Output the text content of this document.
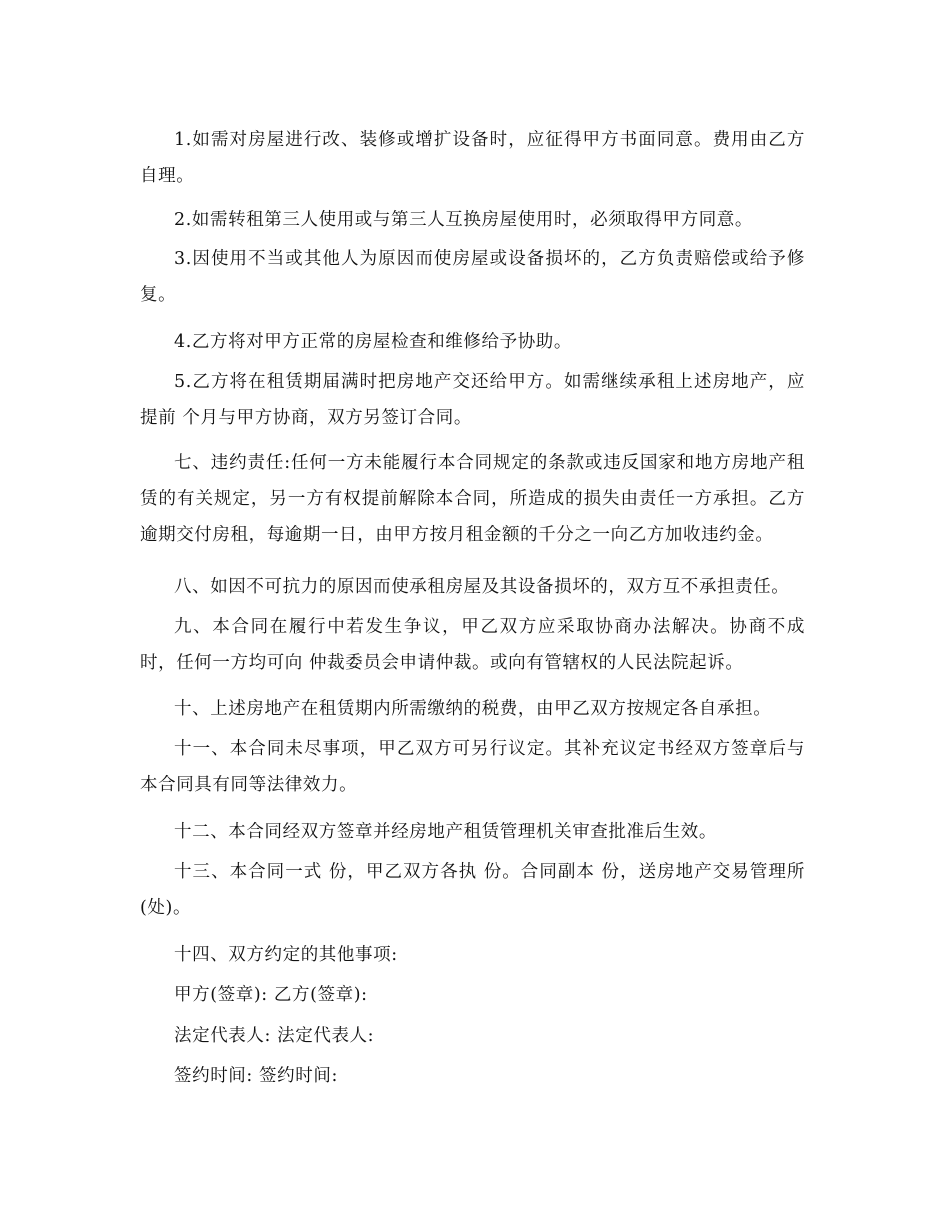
1.如需对房屋进行改、装修或增扩设备时，应征得甲方书面同意。费用由乙方自理。

2.如需转租第三人使用或与第三人互换房屋使用时，必须取得甲方同意。

3.因使用不当或其他人为原因而使房屋或设备损坏的，乙方负责赔偿或给予修复。

4.乙方将对甲方正常的房屋检查和维修给予协助。

5.乙方将在租赁期届满时把房地产交还给甲方。如需继续承租上述房地产，应提前 个月与甲方协商，双方另签订合同。

七、违约责任:任何一方未能履行本合同规定的条款或违反国家和地方房地产租赁的有关规定，另一方有权提前解除本合同，所造成的损失由责任一方承担。乙方逾期交付房租，每逾期一日，由甲方按月租金额的千分之一向乙方加收违约金。

八、如因不可抗力的原因而使承租房屋及其设备损坏的，双方互不承担责任。

九、本合同在履行中若发生争议，甲乙双方应采取协商办法解决。协商不成时，任何一方均可向 仲裁委员会申请仲裁。或向有管辖权的人民法院起诉。

十、上述房地产在租赁期内所需缴纳的税费，由甲乙双方按规定各自承担。

十一、本合同未尽事项，甲乙双方可另行议定。其补充议定书经双方签章后与本合同具有同等法律效力。

十二、本合同经双方签章并经房地产租赁管理机关审查批准后生效。

十三、本合同一式 份，甲乙双方各执 份。合同副本 份，送房地产交易管理所(处)。

十四、双方约定的其他事项:

甲方(签章): 乙方(签章):

法定代表人: 法定代表人:

签约时间: 签约时间:
